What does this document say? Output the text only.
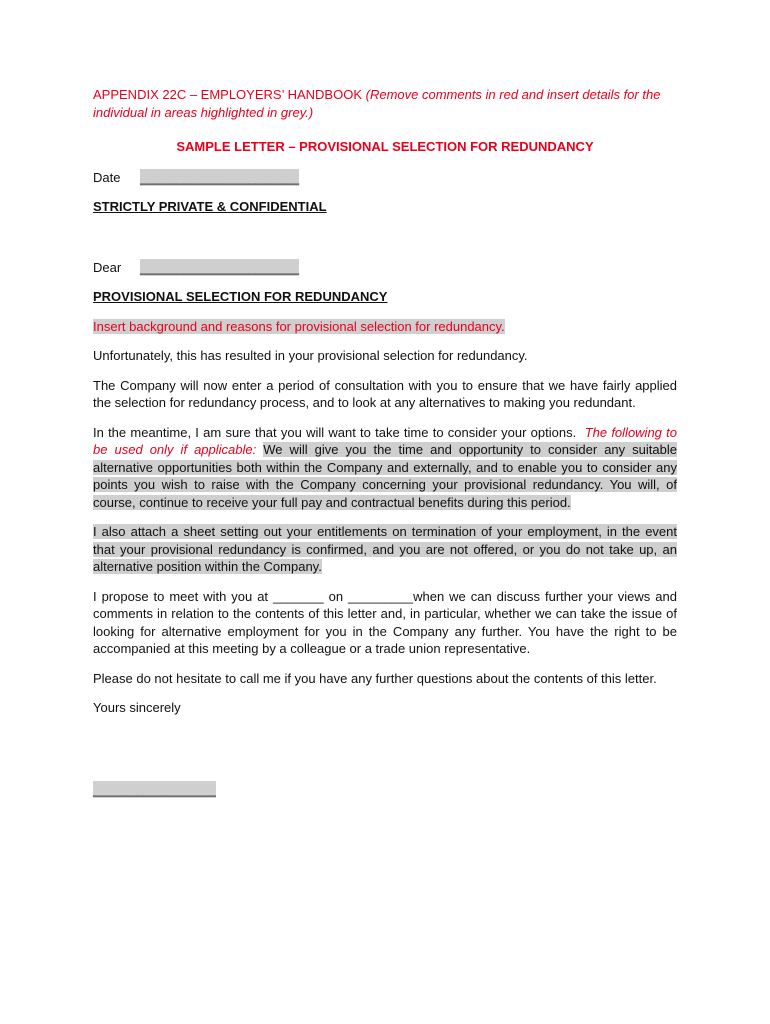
APPENDIX 22C – EMPLOYERS’ HANDBOOK (Remove comments in red and insert details for the individual in areas highlighted in grey.)

SAMPLE LETTER – PROVISIONAL SELECTION FOR REDUNDANCY

Date	______________________

STRICTLY PRIVATE & CONFIDENTIAL

Dear	______________________

PROVISIONAL SELECTION FOR REDUNDANCY

Insert background and reasons for provisional selection for redundancy.

Unfortunately, this has resulted in your provisional selection for redundancy.

The Company will now enter a period of consultation with you to ensure that we have fairly applied the selection for redundancy process, and to look at any alternatives to making you redundant.

In the meantime, I am sure that you will want to take time to consider your options. The following to be used only if applicable: We will give you the time and opportunity to consider any suitable alternative opportunities both within the Company and externally, and to enable you to consider any points you wish to raise with the Company concerning your provisional redundancy. You will, of course, continue to receive your full pay and contractual benefits during this period.

I also attach a sheet setting out your entitlements on termination of your employment, in the event that your provisional redundancy is confirmed, and you are not offered, or you do not take up, an alternative position within the Company.

I propose to meet with you at _______ on _________when we can discuss further your views and comments in relation to the contents of this letter and, in particular, whether we can take the issue of looking for alternative employment for you in the Company any further. You have the right to be accompanied at this meeting by a colleague or a trade union representative.

Please do not hesitate to call me if you have any further questions about the contents of this letter.

Yours sincerely

_________________
